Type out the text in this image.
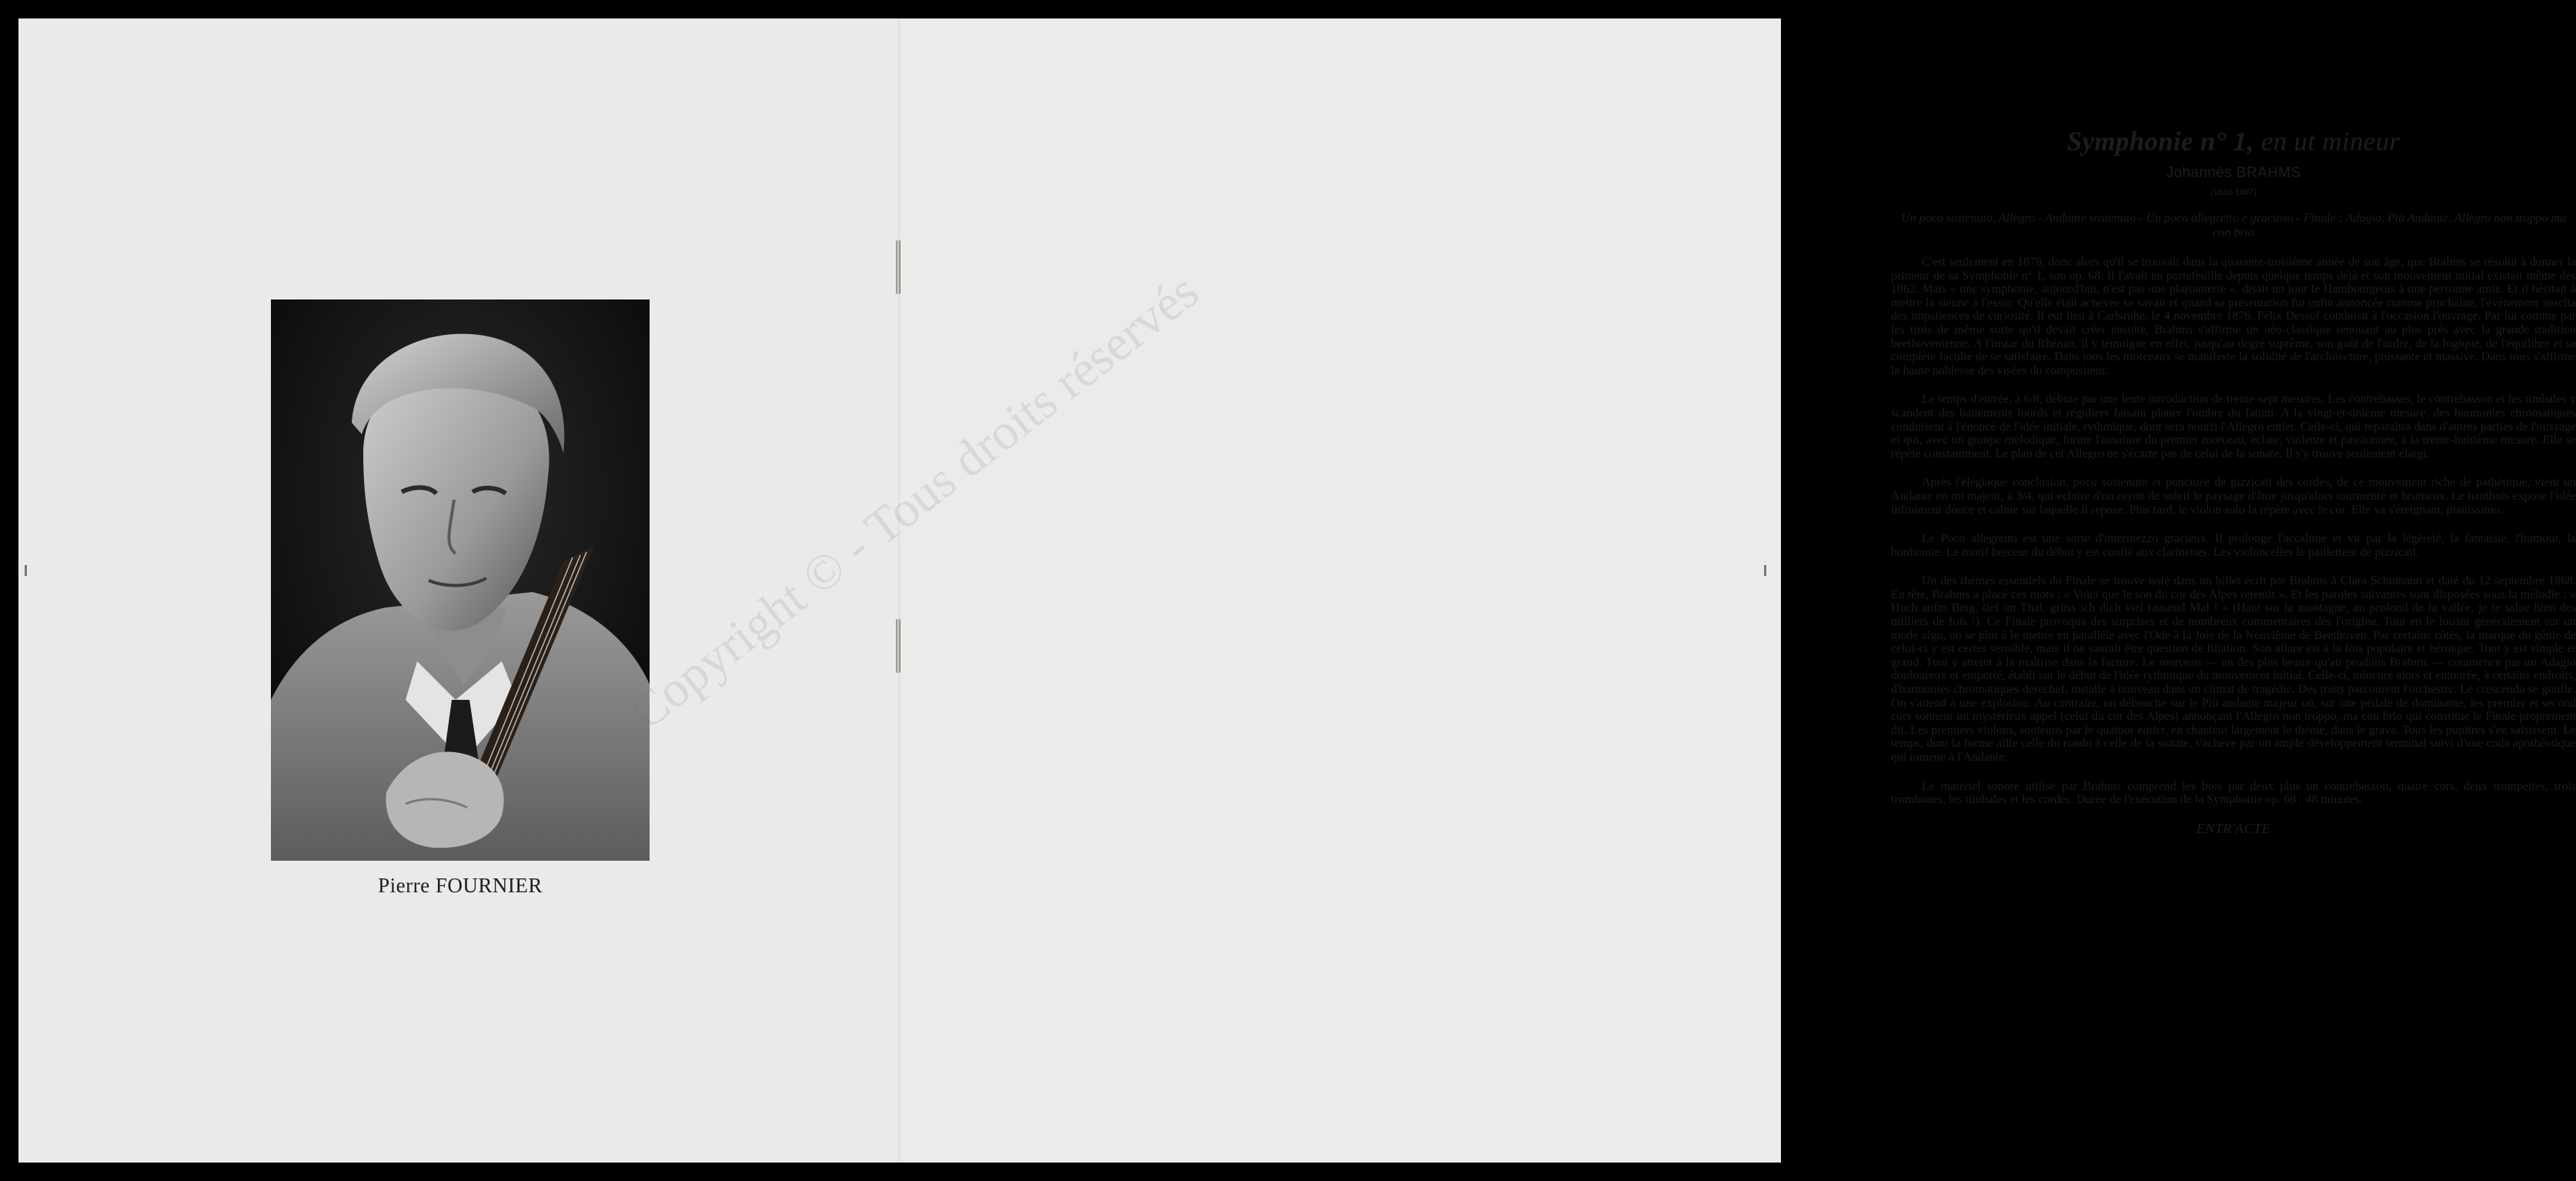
Pierre FOURNIER
Symphonie n° 1, en ut mineur
Johannès BRAHMS
(1833-1897)
Un poco sostenuto, Allegro - Andante sostenuto - Un poco allegretto e gracioso - Finale : Adagio, Più Andante, Allegro non troppo ma con brio

C'est seulement en 1876, donc alors qu'il se trouvait dans la quarante-troisième année de son âge, que Brahms se résolut à donner la primeur de sa Symphonie n° 1, son op. 68. Il l'avait en portefeuille depuis quelque temps déjà et son mouvement initial existait même dès 1862. Mais « une symphonie, aujourd'hui, n'est pas une plaisanterie », disait un jour le Hambourgeois à une personne amie. Et il hésitait à mettre la sienne à l'essor. Qu'elle était achevée se savait et quand sa présentation fut enfin annoncée comme prochaine, l'événement suscita des impatiences de curiosité. Il eut lieu à Carlsruhe, le 4 novembre 1876. Félix Dessof conduisit à l'occasion l'ouvrage. Par lui comme par les trois de même sorte qu'il devait créer ensuite, Brahms s'affirme un néo-classique renouant au plus près avec la grande tradition beethovenienne. A l'instar du Rhénan, il y témoigne en effet, jusqu'au degré suprême, son goût de l'ordre, de la logique, de l'équilibre et sa complète faculté de se satisfaire. Dans tous les morceaux se manifeste la solidité de l'architecture, puissante et massive. Dans tous s'affirme la haute noblesse des visées du compositeur.

Le temps d'entrée, à 6/8, débute par une lente introduction de trente-sept mesures. Les contrebasses, le contrebasson et les timbales y scandent des battements lourds et réguliers faisant planer l'ombre du fatum. A la vingt-et-unième mesure, des harmonies chromatiques conduisent à l'énoncé de l'idée initiale, rythmique, dont sera nourri l'Allegro entier. Celle-ci, qui reparaîtra dans d'autres parties de l'ouvrage et qui, avec un groupe mélodique, forme l'ossature du premier morceau, éclate, violente et passionnée, à la trente-huitième mesure. Elle se répète constamment. Le plan de cet Allegro ne s'écarte pas de celui de la sonate. Il s'y trouve seulement élargi.

Après l'élégiaque conclusion, poco sostenuto et ponctuée de pizzicati des cordes, de ce mouvement riche de pathétique, vient un Andante en mi majeur, à 3/4, qui éclaire d'un rayon de soleil le paysage d'âme jusqu'alors tourmenté et brumeux. Le hautbois expose l'idée infiniment douce et calme sur laquelle il repose. Plus tard, le violon solo la répète avec le cor. Elle va s'éteignant, pianissimo.

Le Poco allegretto est une sorte d'intermezzo gracieux. Il prolonge l'accalmie et vit par la légèreté, la fantaisie, l'humour, la bonhomie. Le motif berceur du début y est confié aux clarinettes. Les violoncelles le paillettent de pizzicati.

Un des thèmes essentiels du Finale se trouve noté dans un billet écrit par Brahms à Clara Schumann et daté du 12 septembre 1868. En tête, Brahms a placé ces mots : « Voici que le son du cor des Alpes retentit ». Et les paroles suivantes sont disposées sous la mélodie : « Hoch aufm Berg, tief im Thal, grüss ich dich viel tausend Mal ! » (Haut sur la montagne, au profond de la vallée, je te salue bien des milliers de fois !). Ce Finale provoqua des surprises et de nombreux commentaires dès l'origine. Tout en le louant généralement sur un mode aigu, on se plut à le mettre en parallèle avec l'Ode à la Joie de la Neuvième de Beethoven. Par certains côtés, la marque du génie de celui-ci y est certes sensible, mais il ne saurait être question de filiation. Son allure est à la fois populaire et héroïque. Tout y est simple et grand. Tout y atteint à la maîtrise dans la facture. Le morceau — un des plus beaux qu'ait produits Brahms — commence par un Adagio douloureux et emporté, établi sur le début de l'idée rythmique du mouvement initial. Celle-ci, mineure alors et entourée, à certains endroits, d'harmonies chromatiques derechef, installe à nouveau dans un climat de tragédie. Des traits parcourent l'orchestre. Le crescendo se gonfle. On s'attend à une explosion. Au contraire, on débouche sur le Più andante majeur où, sur une pédale de dominante, les premier et second cors sonnent un mystérieux appel (celui du cor des Alpes) annonçant l'Allegro non troppo, ma con brio qui constitue le Finale proprement dit. Les premiers violons, soutenus par le quatuor entier, en chantent largement le thème, dans le grave. Tous les pupitres s'en saisissent. Le temps, dont la forme allie celle du rondo à celle de la sonate, s'achève par un ample développement terminal suivi d'une coda apothéotique qui ramène à l'Andante.

Le matériel sonore utilisé par Brahms comprend les bois par deux plus un contrebasson, quatre cors, deux trompettes, trois trombones, les timbales et les cordes. Durée de l'exécution de la Symphonie op. 68 : 48 minutes.

ENTR'ACTE
